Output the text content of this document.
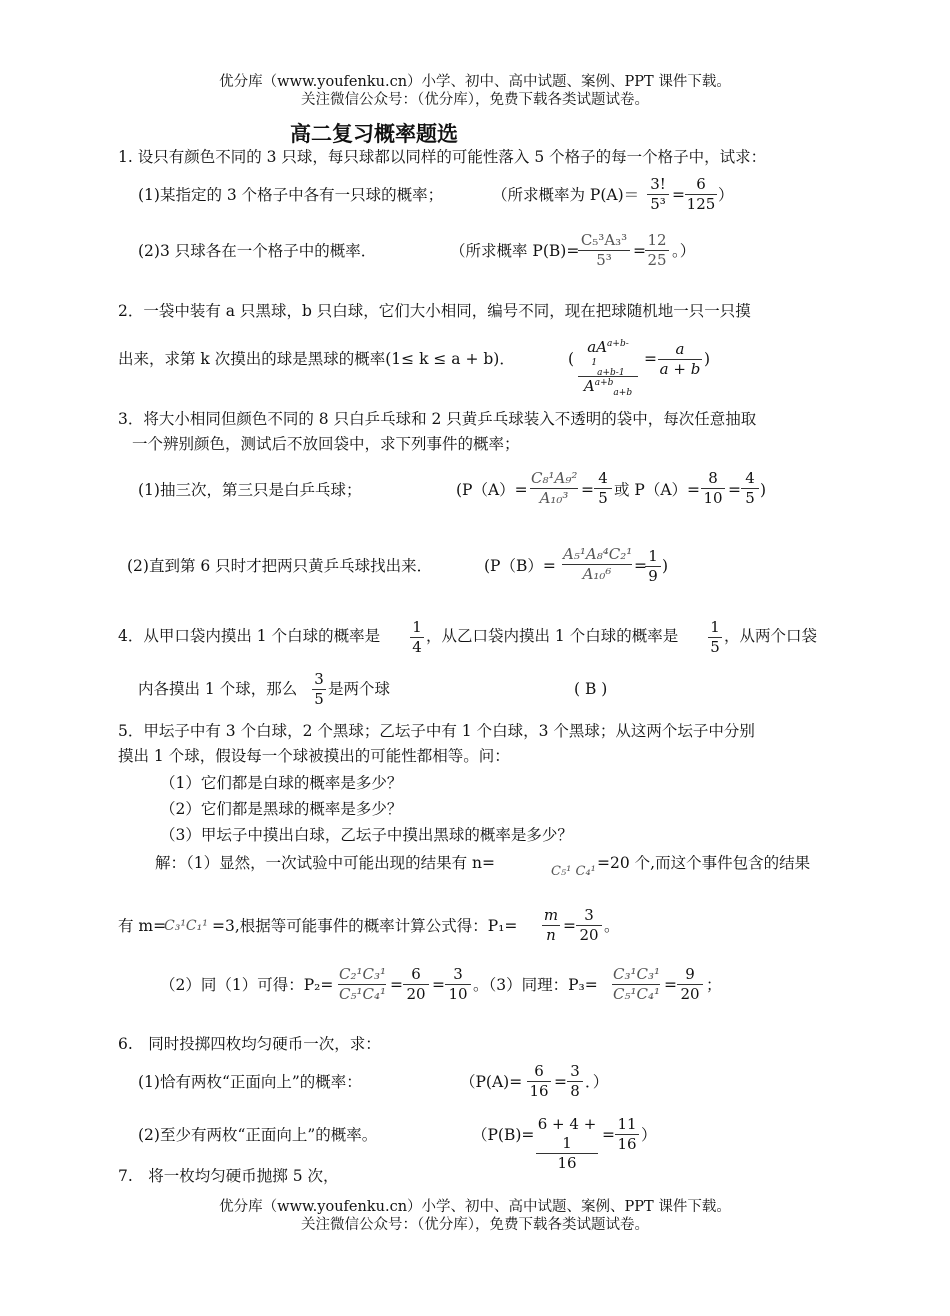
优分库（www.youfenku.cn）小学、初中、高中试题、案例、PPT 课件下载。
关注微信公众号：（优分库），免费下载各类试题试卷。
高二复习概率题选
1. 设只有颜色不同的 3 只球，每只球都以同样的可能性落入 5 个格子的每一个格子中，试求：
(1)某指定的 3 个格子中各有一只球的概率；	（所求概率为 $P(A)= \frac{3!}{\text{5³}} = \frac{6}{125}$ ）
(2)3 只球各在一个格子中的概率．	（所求概率 P(B)=
$\frac{\text{C₅³A₃³}}{\text{5³}} = \frac{12}{25}$ 。）
2．一袋中装有 a 只黑球，b 只白球，它们大小相同，编号不同，现在把球随机地一只一只摸
出来，求第 k 次摸出的球是黑球的概率(1≤ k ≤ a + b)．	(
$aA^{a+b-1}_{a+b-1}$
$A^{a+b}_{a+b}$
= $\frac{a}{a + b}$ )
3．将大小相同但颜色不同的 8 只白乒乓球和 2 只黄乒乓球装入不透明的袋中，每次任意抽取
一个辨别颜色，测试后不放回袋中，求下列事件的概率；
(1)抽三次，第三只是白乒乓球；	($P(A)= \frac{\text{C₈¹A₉²}}{\text{A₁₀³}} = \frac{4}{5}$ 或 $P(A)= \frac{8}{10} = \frac{4}{5}$ )
(2)直到第 6 只时才把两只黄乒乓球找出来．	($P(B)= \frac{\text{A₅¹A₈⁴C₂¹}}{\text{A₁₀⁶}}$ =
$\frac{1}{9}$ )
4．从甲口袋内摸出 1 个白球的概率是 $\frac{1}{4}$ ，从乙口袋内摸出 1 个白球的概率是 $\frac{1}{5}$ ，从两个口袋
内各摸出 1 个球，那么 $\frac{3}{5}$ 是两个球	( B )
5．甲坛子中有 3 个白球，2 个黑球；乙坛子中有 1 个白球，3 个黑球；从这两个坛子中分别
摸出 1 个球，假设每一个球被摸出的可能性都相等。问：
（1）它们都是白球的概率是多少？
（2）它们都是黑球的概率是多少？
（3）甲坛子中摸出白球，乙坛子中摸出黑球的概率是多少？
解：（1）显然，一次试验中可能出现的结果有 n=	C₅¹ C₄¹ =20 个,而这个事件包含的结果
有 m=
C₃¹C₁¹ =3,根据等可能事件的概率计算公式得：$P_1= \frac{m}{n} = \frac{3}{20}$ 。
（2）同（1）可得：$P_2= \frac{\text{C₂¹C₃¹}}{\text{C₅¹C₄¹}} = \frac{6}{20} = \frac{3}{10}$ 。（3）同理：$P_3= \frac{\text{C₃¹C₃¹}}{\text{C₅¹C₄¹}} = \frac{9}{20}$ ；
6.　同时投掷四枚均匀硬币一次，求：
(1)恰有两枚“正面向上”的概率：	（$P(A)= \frac{6}{16} = \frac{3}{8}$ ．）
(2)至少有两枚“正面向上”的概率。	（$P(B)= \frac{6 + 4 + 1}{16} = \frac{11}{16}$ ）
7.　将一枚均匀硬币抛掷 5 次，
优分库（www.youfenku.cn）小学、初中、高中试题、案例、PPT 课件下载。
关注微信公众号：（优分库），免费下载各类试题试卷。
